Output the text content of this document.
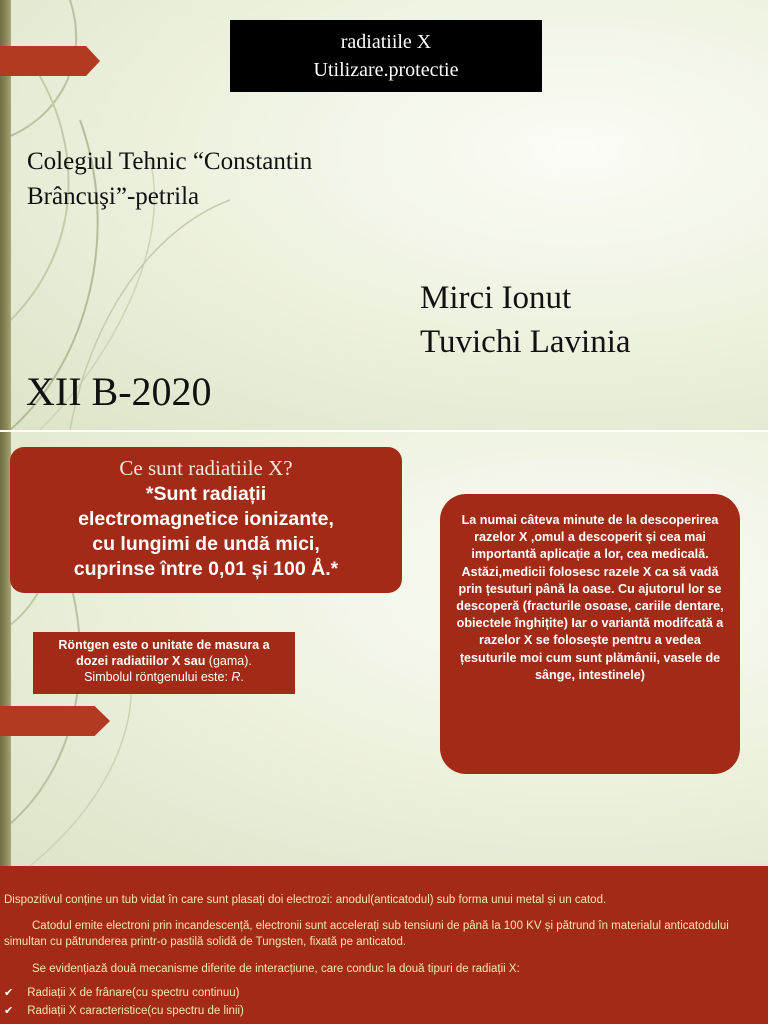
radiatiile X
Utilizare.protectie
Colegiul Tehnic “Constantin
Brâncuşi”-petrila
Mirci Ionut
Tuvichi Lavinia
XII B-2020
Ce sunt radiatiile X?
*Sunt radiații
electromagnetice ionizante,
cu lungimi de undă mici,
cuprinse între 0,01 și 100 Å.*
Röntgen este o unitate de masura a
dozei radiatiilor X sau (gama).
Simbolul röntgenului este: R.
La numai câteva minute de la descoperirea razelor X ,omul a descoperit și cea mai importantă aplicație a lor, cea medicală. Astăzi,medicii folosesc razele X ca să vadă prin țesuturi până la oase. Cu ajutorul lor se descoperă (fracturile osoase, cariile dentare, obiectele înghițite) Iar o variantă modifcată a razelor X se folosește pentru a vedea țesuturile moi cum sunt plămânii, vasele de sânge, intestinele)

Dispozitivul conține un tub vidat în care sunt plasați doi electrozi: anodul(anticatodul) sub forma unui metal și un catod.

Catodul emite electroni prin incandescență, electronii sunt accelerați sub tensiuni de până la 100 KV și pătrund în materialul anticatodului simultan cu pătrunderea printr-o pastilă solidă de Tungsten, fixată pe anticatod.

Se evidențiază două mecanisme diferite de interacțiune, care conduc la două tipuri de radiații X:

✔ Radiații X de frânare(cu spectru continuu)

✔ Radiații X caracteristice(cu spectru de linii)
